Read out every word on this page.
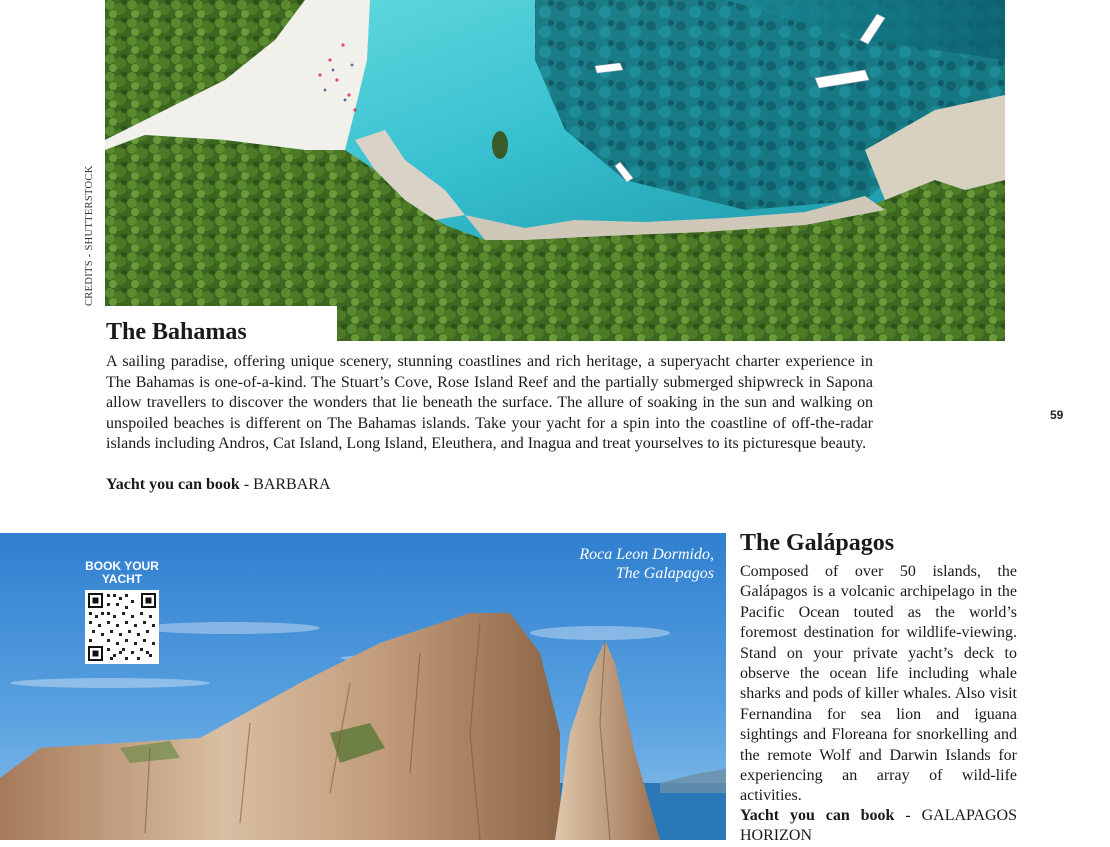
CREDITS - SHUTTERSTOCK
The Bahamas

A sailing paradise, offering unique scenery, stunning coastlines and rich heritage, a superyacht charter experience in The Bahamas is one-of-a-kind. The Stuart’s Cove, Rose Island Reef and the partially submerged shipwreck in Sapona allow travellers to discover the wonders that lie beneath the surface. The allure of soaking in the sun and walking on unspoiled beaches is different on The Bahamas islands. Take your yacht for a spin into the coastline of off-the-radar islands including Andros, Cat Island, Long Island, Eleuthera, and Inagua and treat yourselves to its picturesque beauty.

Yacht you can book - BARBARA

59
BOOK YOUR YACHT
Roca Leon Dormido,
The Galapagos
The Galápagos

Composed of over 50 islands, the Galápagos is a volcanic archipelago in the Pacific Ocean touted as the world’s foremost destination for wildlife-viewing. Stand on your private yacht’s deck to observe the ocean life including whale sharks and pods of killer whales. Also visit Fernandina for sea lion and iguana sightings and Floreana for snorkelling and the remote Wolf and Darwin Islands for experiencing an array of wild-life activities.

Yacht you can book - GALAPAGOS HORIZON
